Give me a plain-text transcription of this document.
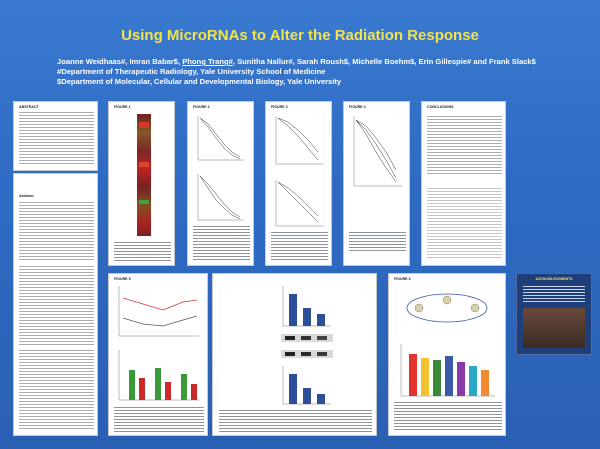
Using MicroRNAs to Alter the Radiation Response
Joanne Weidhaas#, Imran Babar$, Phong Trang#, Sunitha Nallur#, Sarah Roush$, Michelle Boehm$, Erin Gillespie# and Frank Slack$
#Department of Therapeutic Radiology, Yale University School of Medicine
$Department of Molecular, Cellular and Developmental Biology, Yale University
ABSTRACT
Abstract
FIGURE 1	FIGURE 2	FIGURE 3	FIGURE 4	CONCLUSIONS
FIGURE 5	FIGURE 6	ACKNOWLEDGMENTS
